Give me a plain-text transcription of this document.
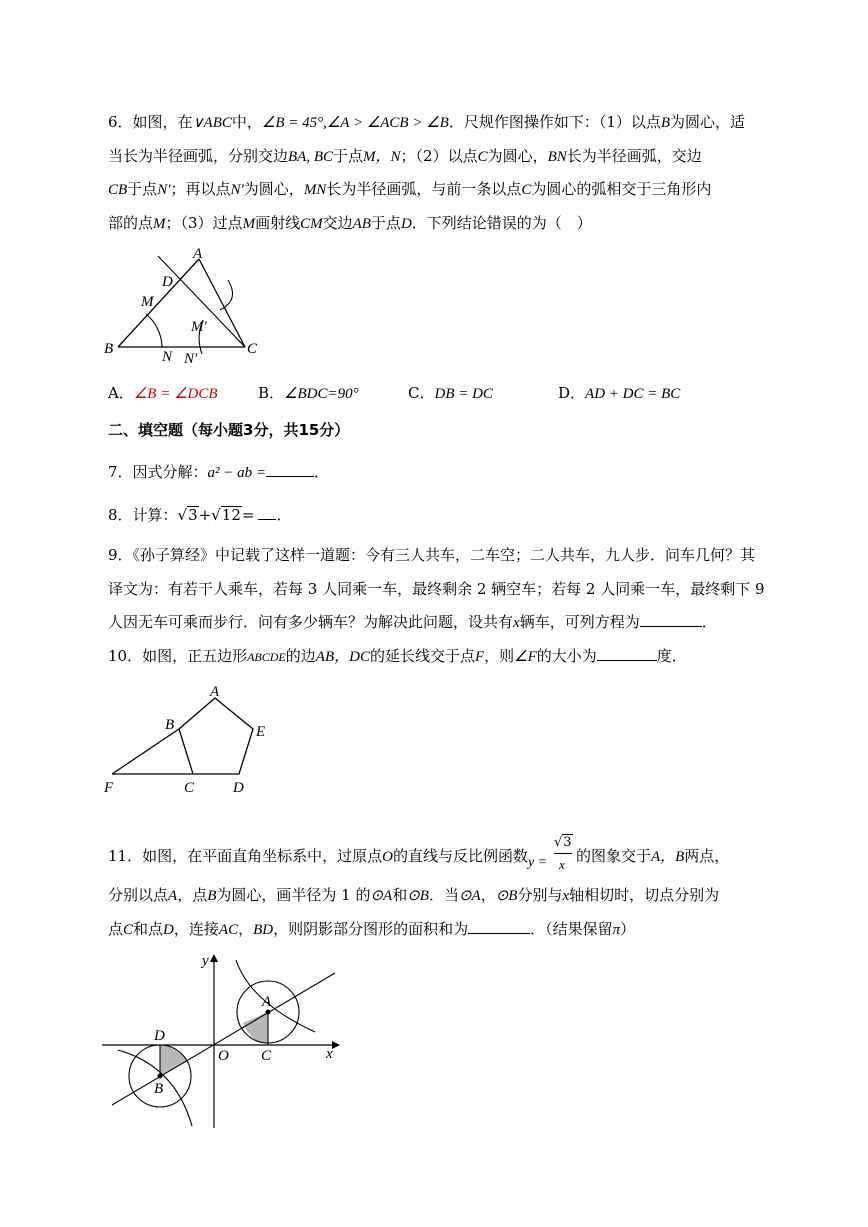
6．如图，在∨ABC中，∠B = 45°,∠A > ∠ACB > ∠B．尺规作图操作如下：（1）以点B为圆心，适
当长为半径画弧，分别交边BA, BC于点M，N；（2）以点C为圆心，BN长为半径画弧，交边
CB于点N′；再以点N′为圆心，MN长为半径画弧，与前一条以点C为圆心的弧相交于三角形内
部的点M；（3）过点M画射线CM交边AB于点D．下列结论错误的为（　）
A
B	C
D
M
M′
N N′
A．∠B = ∠DCB	B．∠BDC=90°	C．DB = DC	D．AD + DC = BC
二、填空题（每小题3分，共15分）
7．因式分解：a² − ab =	．
8．计算：√3+√12= ．
9．《孙子算经》中记载了这样一道题：今有三人共车，二车空；二人共车，九人步．问车几何？其
译文为：有若干人乘车，若每 3 人同乘一车，最终剩余 2 辆空车；若每 2 人同乘一车，最终剩下 9
人因无车可乘而步行．问有多少辆车？为解决此问题，设共有x辆车，可列方程为	．
10．如图，正五边形ABCDE的边AB，DC的延长线交于点F，则∠F的大小为	度．
A
B
C	D
E
F
11．如图，在平面直角坐标系中，过原点O的直线与反比例函数 y =
√3
x 的图象交于A，B两点，
分别以点A，点B为圆心，画半径为 1 的⊙A和⊙B．当⊙A，⊙B分别与x轴相切时，切点分别为
点C和点D，连接AC，BD，则阴影部分图形的面积和为	．（结果保留π）
y
x
O
A
B
C
D
